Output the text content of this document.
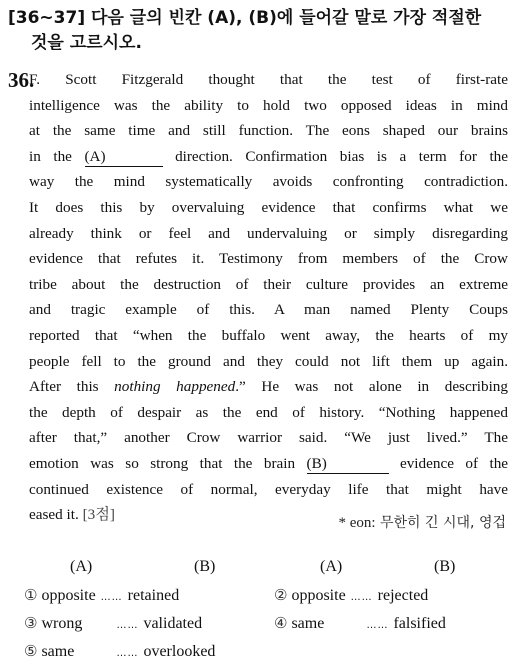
[36~37] 다음 글의 빈칸 (A), (B)에 들어갈 말로 가장 적절한
것을 고르시오.
36.
F. Scott Fitzgerald thought that the test of first-rate
intelligence was the ability to hold two opposed ideas in mind
at the same time and still function. The eons shaped our brains
in the (A)	direction. Confirmation bias is a term for the
way the mind systematically avoids confronting contradiction.
It does this by overvaluing evidence that confirms what we
already think or feel and undervaluing or simply disregarding
evidence that refutes it. Testimony from members of the Crow
tribe about the destruction of their culture provides an extreme
and tragic example of this. A man named Plenty Coups
reported that “when the buffalo went away, the hearts of my
people fell to the ground and they could not lift them up again.
After this nothing happened.” He was not alone in describing
the depth of despair as the end of history. “Nothing happened
after that,” another Crow warrior said. “We just lived.” The
emotion was so strong that the brain (B)	evidence of the
continued existence of normal, everyday life that might have
eased it. [3점]	* eon: 무한히 긴 시대, 영겁
(A)	(B)	(A)	(B)
① opposite …… retained	② opposite …… rejected
③ wrong	…… validated	④ same	…… falsified
⑤ same	…… overlooked
